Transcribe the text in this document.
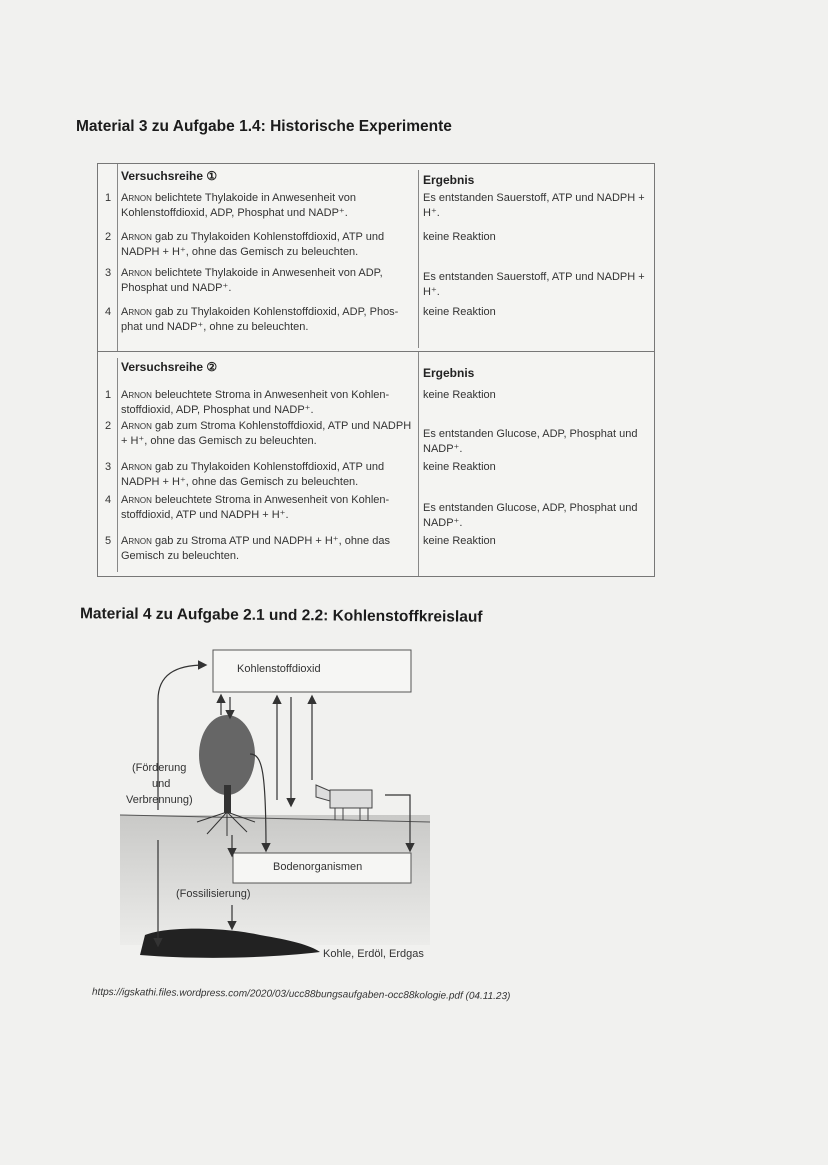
Material 3 zu Aufgabe 1.4: Historische Experimente
Versuchsreihe ①	Ergebnis
1 Arnon belichtete Thylakoide in Anwesenheit von Kohlenstoffdioxid, ADP, Phosphat und NADP⁺.
Es entstanden Sauerstoff, ATP und NADPH + H⁺.
2 Arnon gab zu Thylakoiden Kohlenstoffdioxid, ATP und NADPH + H⁺, ohne das Gemisch zu beleuchten.
keine Reaktion
3 Arnon belichtete Thylakoide in Anwesenheit von ADP, Phosphat und NADP⁺.
Es entstanden Sauerstoff, ATP und NADPH + H⁺.
4 Arnon gab zu Thylakoiden Kohlenstoffdioxid, ADP, Phos-phat und NADP⁺, ohne zu beleuchten.
keine Reaktion
Versuchsreihe ②	Ergebnis
1 Arnon beleuchtete Stroma in Anwesenheit von Kohlen-stoffdioxid, ADP, Phosphat und NADP⁺.
keine Reaktion
2 Arnon gab zum Stroma Kohlenstoffdioxid, ATP und NADPH + H⁺, ohne das Gemisch zu beleuchten.
Es entstanden Glucose, ADP, Phosphat und NADP⁺.
3 Arnon gab zu Thylakoiden Kohlenstoffdioxid, ATP und NADPH + H⁺, ohne das Gemisch zu beleuchten.
keine Reaktion
4 Arnon beleuchtete Stroma in Anwesenheit von Kohlen-stoffdioxid, ATP und NADPH + H⁺.
Es entstanden Glucose, ADP, Phosphat und NADP⁺.
5 Arnon gab zu Stroma ATP und NADPH + H⁺, ohne das Gemisch zu beleuchten.
keine Reaktion
Material 4 zu Aufgabe 2.1 und 2.2: Kohlenstoffkreislauf
Kohlenstoffdioxid
(Förderung
und
Verbrennung)
Bodenorganismen
(Fossilisierung)
Kohle, Erdöl, Erdgas
https://igskathi.files.wordpress.com/2020/03/ucc88bungsaufgaben-occ88kologie.pdf (04.11.23)
